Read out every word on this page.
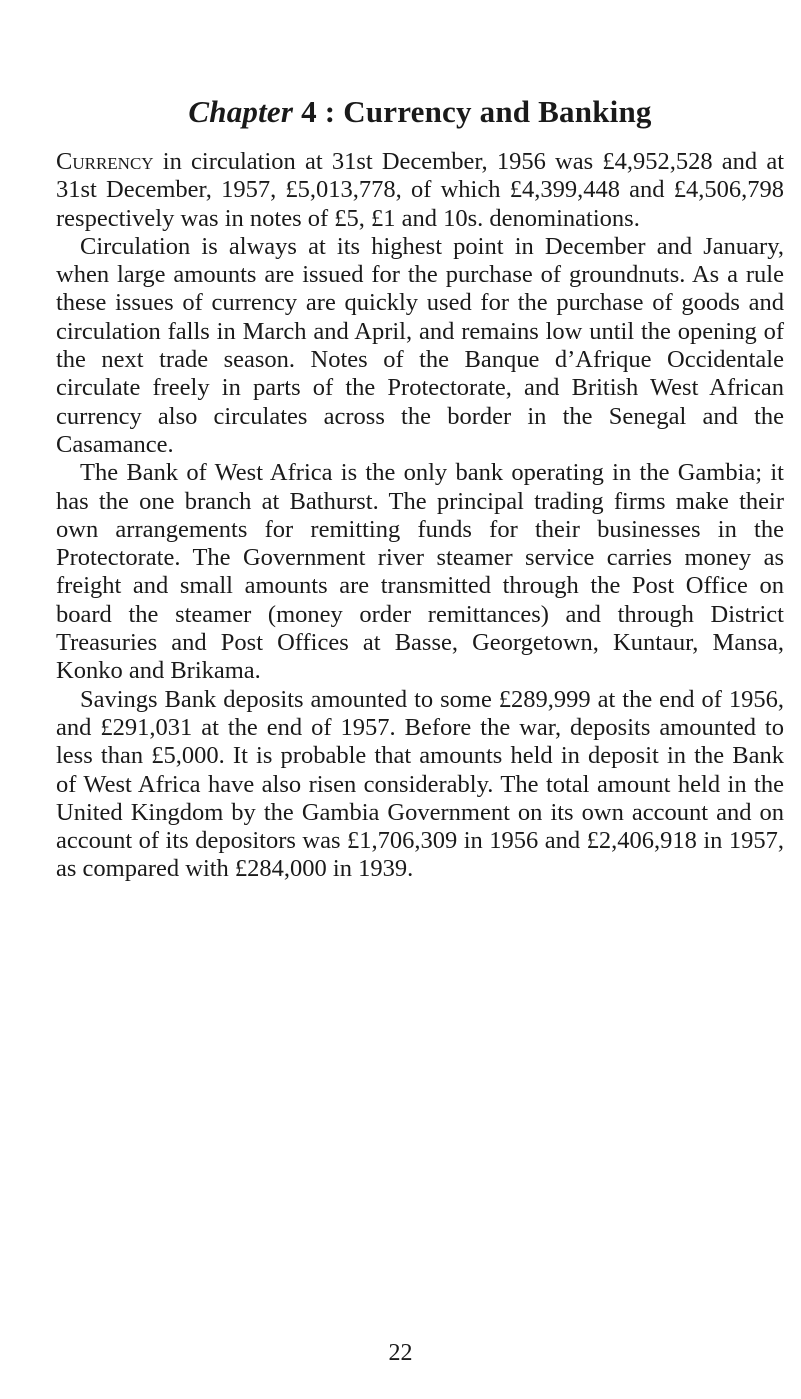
Chapter 4 : Currency and Banking

Currency in circulation at 31st December, 1956 was £4,952,528 and at 31st December, 1957, £5,013,778, of which £4,399,448 and £4,506,798 respectively was in notes of £5, £1 and 10s. denominations.

Circulation is always at its highest point in December and January, when large amounts are issued for the purchase of groundnuts. As a rule these issues of currency are quickly used for the purchase of goods and circulation falls in March and April, and remains low until the opening of the next trade season. Notes of the Banque d’Afrique Occidentale circulate freely in parts of the Protectorate, and British West African currency also circulates across the border in the Senegal and the Casamance.

The Bank of West Africa is the only bank operating in the Gambia; it has the one branch at Bathurst. The principal trading firms make their own arrangements for remitting funds for their businesses in the Protectorate. The Government river steamer service carries money as freight and small amounts are transmitted through the Post Office on board the steamer (money order remittances) and through District Treasuries and Post Offices at Basse, Georgetown, Kuntaur, Mansa, Konko and Brikama.

Savings Bank deposits amounted to some £289,999 at the end of 1956, and £291,031 at the end of 1957. Before the war, deposits amounted to less than £5,000. It is probable that amounts held in deposit in the Bank of West Africa have also risen considerably. The total amount held in the United Kingdom by the Gambia Government on its own account and on account of its depositors was £1,706,309 in 1956 and £2,406,918 in 1957, as compared with £284,000 in 1939.

22
